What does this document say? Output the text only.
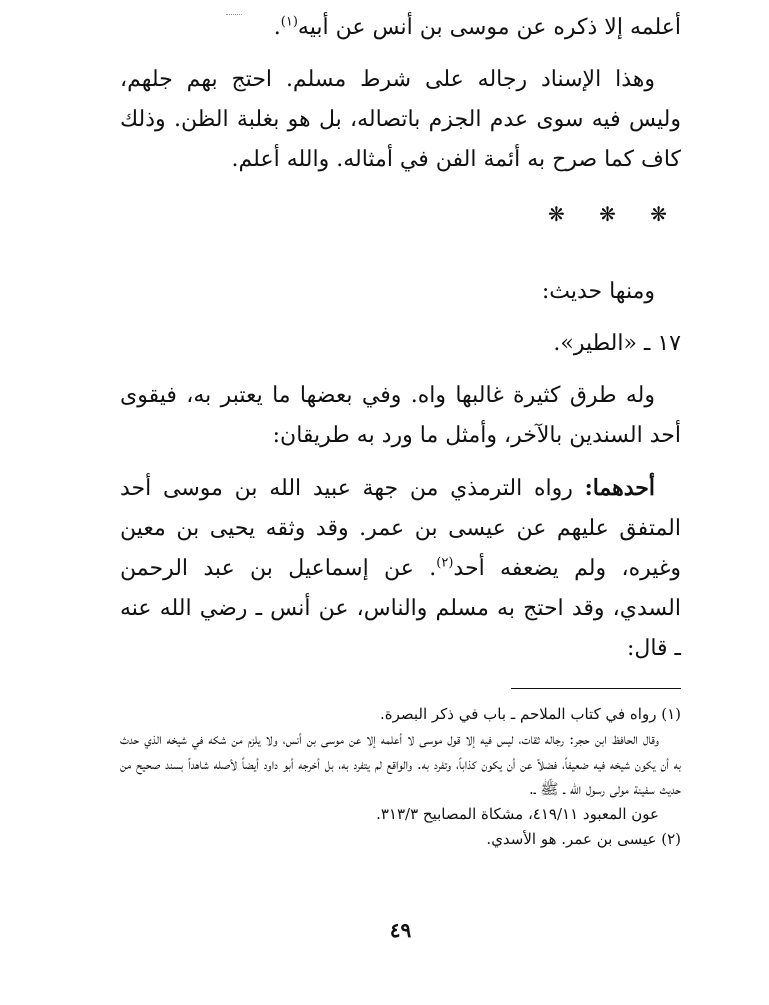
أعلمه إلا ذكره عن موسى بن أنس عن أبيه$^{(١)}$.

وهذا الإسناد رجاله على شرط مسلم. احتج بهم جلهم، وليس فيه سوى عدم الجزم باتصاله، بل هو بغلبة الظن. وذلك كاف كما صرح به أئمة الفن في أمثاله. والله أعلم.

❋ ❋ ❋

ومنها حديث:

١٧ ـ «الطير».

وله طرق كثيرة غالبها واه. وفي بعضها ما يعتبر به، فيقوى أحد السندين بالآخر، وأمثل ما ورد به طريقان:

أحدهما: رواه الترمذي من جهة عبيد الله بن موسى أحد المتفق عليهم عن عيسى بن عمر. وقد وثقه يحيى بن معين وغيره، ولم يضعفه أحد$^{(٢)}$. عن إسماعيل بن عبد الرحمن السدي، وقد احتج به مسلم والناس، عن أنس ـ رضي الله عنه ـ قال:

(١) رواه في كتاب الملاحم ـ باب في ذكر البصرة.

وقال الحافظ ابن حجر: رجاله ثقات، ليس فيه إلا قول موسى لا أعلمه إلا عن موسى بن أنس، ولا يلزم من شكه في شيخه الذي حدث به أن يكون شيخه فيه ضعيفاً، فضلاً عن أن يكون كذاباً، وتفرد به. والواقع لم يتفرد به، بل أخرجه أبو داود أيضاً لأصله شاهداً بسند صحيح من حديث سفينة مولى رسول الله ـ ﷺ ـ.

عون المعبود ٤١٩/١١، مشكاة المصابيح ٣١٣/٣.

(٢) عيسى بن عمر. هو الأسدي.

٤٩
